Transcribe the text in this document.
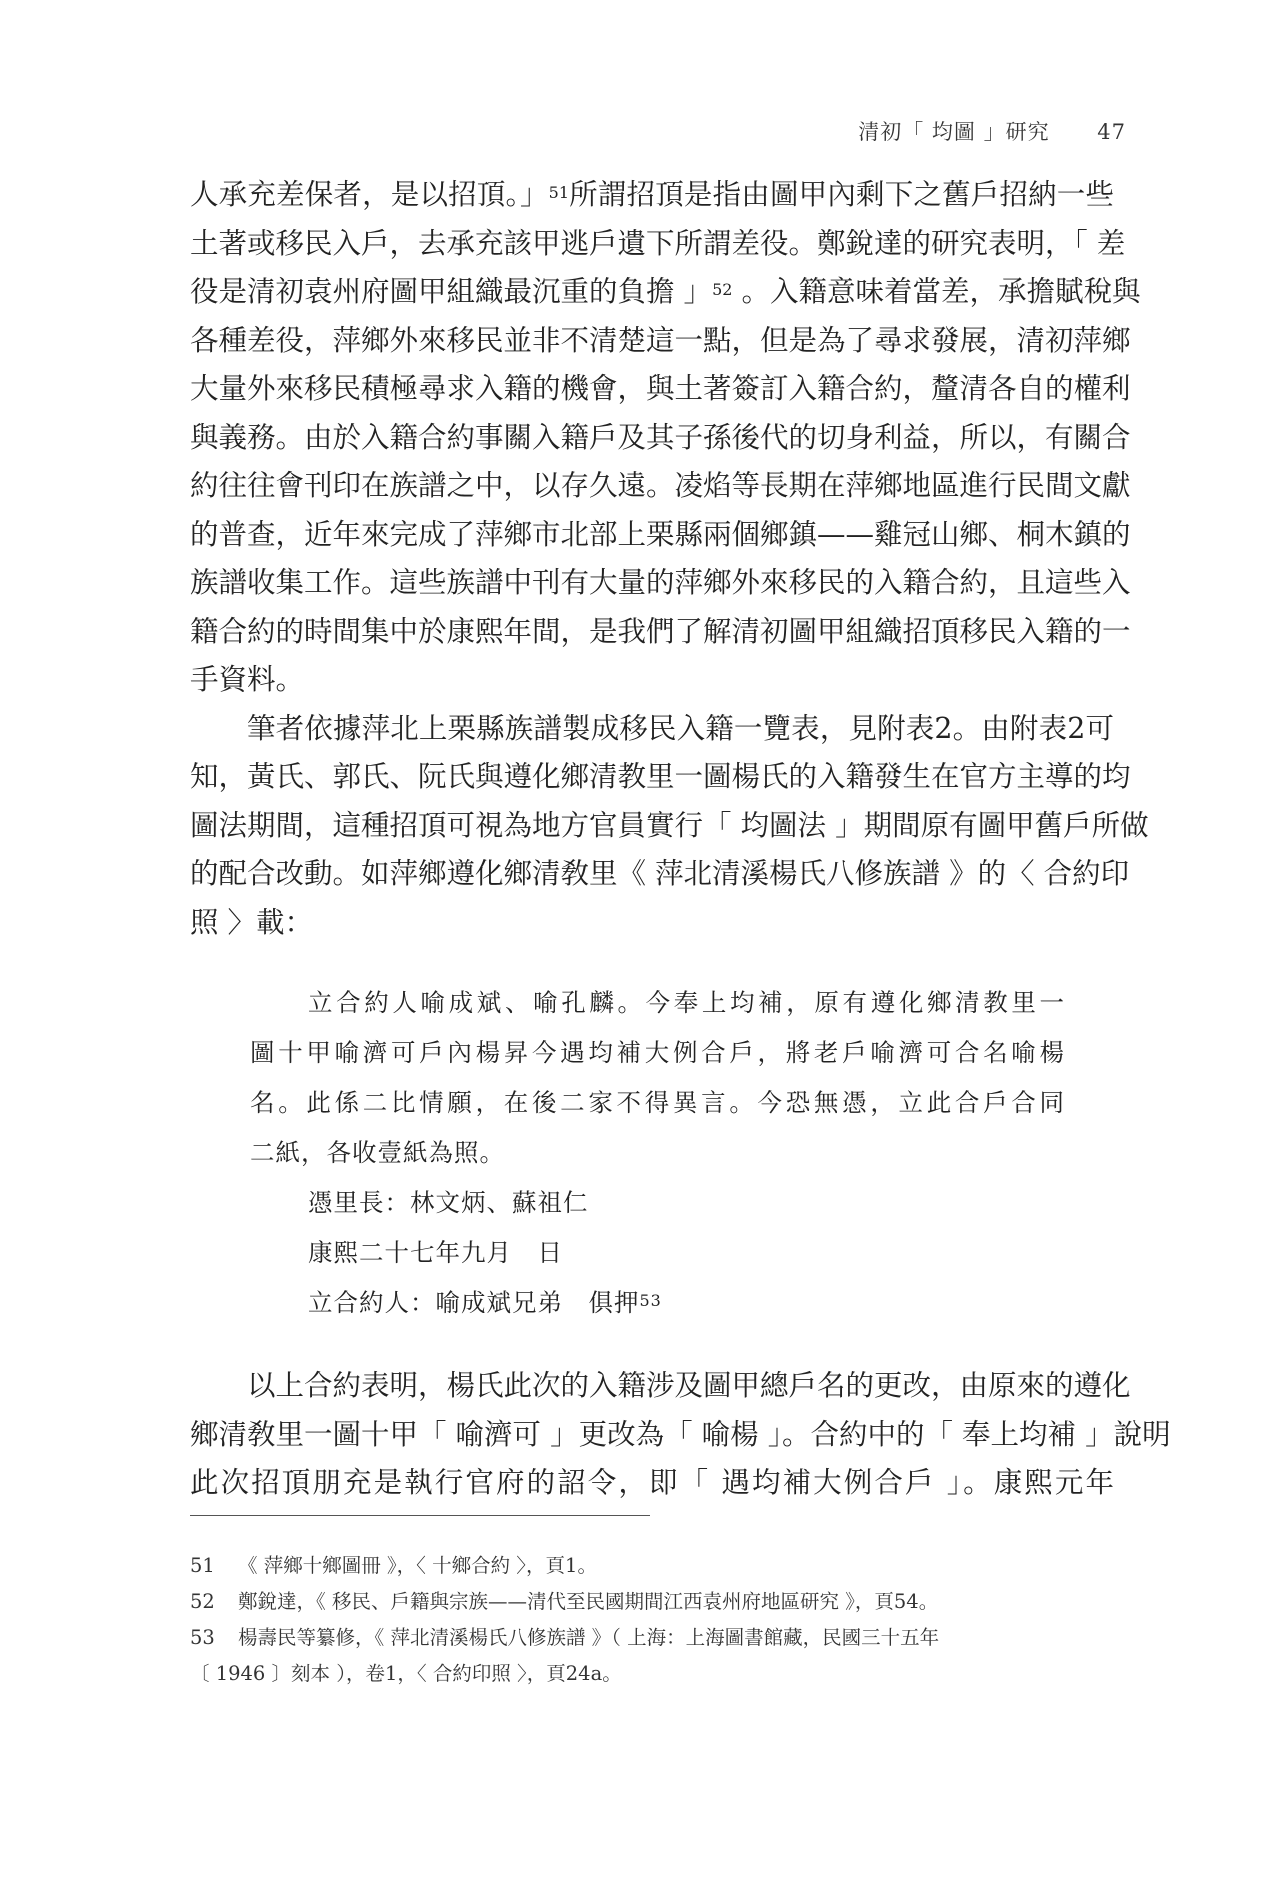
清初「 均圖 」研究 47
人承充差保者，是以招頂。」$^{51}$所謂招頂是指由圖甲內剩下之舊戶招納一些
土著或移民入戶，去承充該甲逃戶遺下所謂差役。鄭銳達的研究表明，「 差
役是清初袁州府圖甲組織最沉重的負擔 」$^{52}$ 。入籍意味着當差，承擔賦稅與
各種差役，萍鄉外來移民並非不清楚這一點，但是為了尋求發展，清初萍鄉
大量外來移民積極尋求入籍的機會，與土著簽訂入籍合約，釐清各自的權利
與義務。由於入籍合約事關入籍戶及其子孫後代的切身利益，所以，有關合
約往往會刊印在族譜之中，以存久遠。凌焰等長期在萍鄉地區進行民間文獻
的普查，近年來完成了萍鄉市北部上栗縣兩個鄉鎮——雞冠山鄉、桐木鎮的
族譜收集工作。這些族譜中刊有大量的萍鄉外來移民的入籍合約，且這些入
籍合約的時間集中於康熙年間，是我們了解清初圖甲組織招頂移民入籍的一
手資料。
筆者依據萍北上栗縣族譜製成移民入籍一覽表，見附表2。由附表2可
知，黃氏、郭氏、阮氏與遵化鄉清教里一圖楊氏的入籍發生在官方主導的均
圖法期間，這種招頂可視為地方官員實行「 均圖法 」期間原有圖甲舊戶所做
的配合改動。如萍鄉遵化鄉清敎里《 萍北清溪楊氏八修族譜 》的〈 合約印
照 〉載：
立合約人喻成斌、喻孔麟。今奉上均補，原有遵化鄉清教里一
圖十甲喻濟可戶內楊昇今遇均補大例合戶，將老戶喻濟可合名喻楊
名。此係二比情願，在後二家不得異言。今恐無憑，立此合戶合同
二紙，各收壹紙為照。
憑里長：林文炳、蘇祖仁
康熙二十七年九月　日
立合約人：喻成斌兄弟　俱押$^{53}$
以上合約表明，楊氏此次的入籍涉及圖甲總戶名的更改，由原來的遵化
鄉清敎里一圖十甲「 喻濟可 」更改為「 喻楊 」。合約中的「 奉上均補 」說明
此次招頂朋充是執行官府的詔令，即「 遇均補大例合戶 」。康熙元年
51 《 萍鄉十鄉圖冊 》，〈 十鄉合約 〉，頁1。
52 鄭銳達，《 移民、戶籍與宗族——清代至民國期間江西袁州府地區研究 》，頁54。
53 楊壽民等纂修，《 萍北清溪楊氏八修族譜 》（ 上海：上海圖書館藏，民國三十五年
〔 1946 〕刻本 ），卷1，〈 合約印照 〉，頁24a。
